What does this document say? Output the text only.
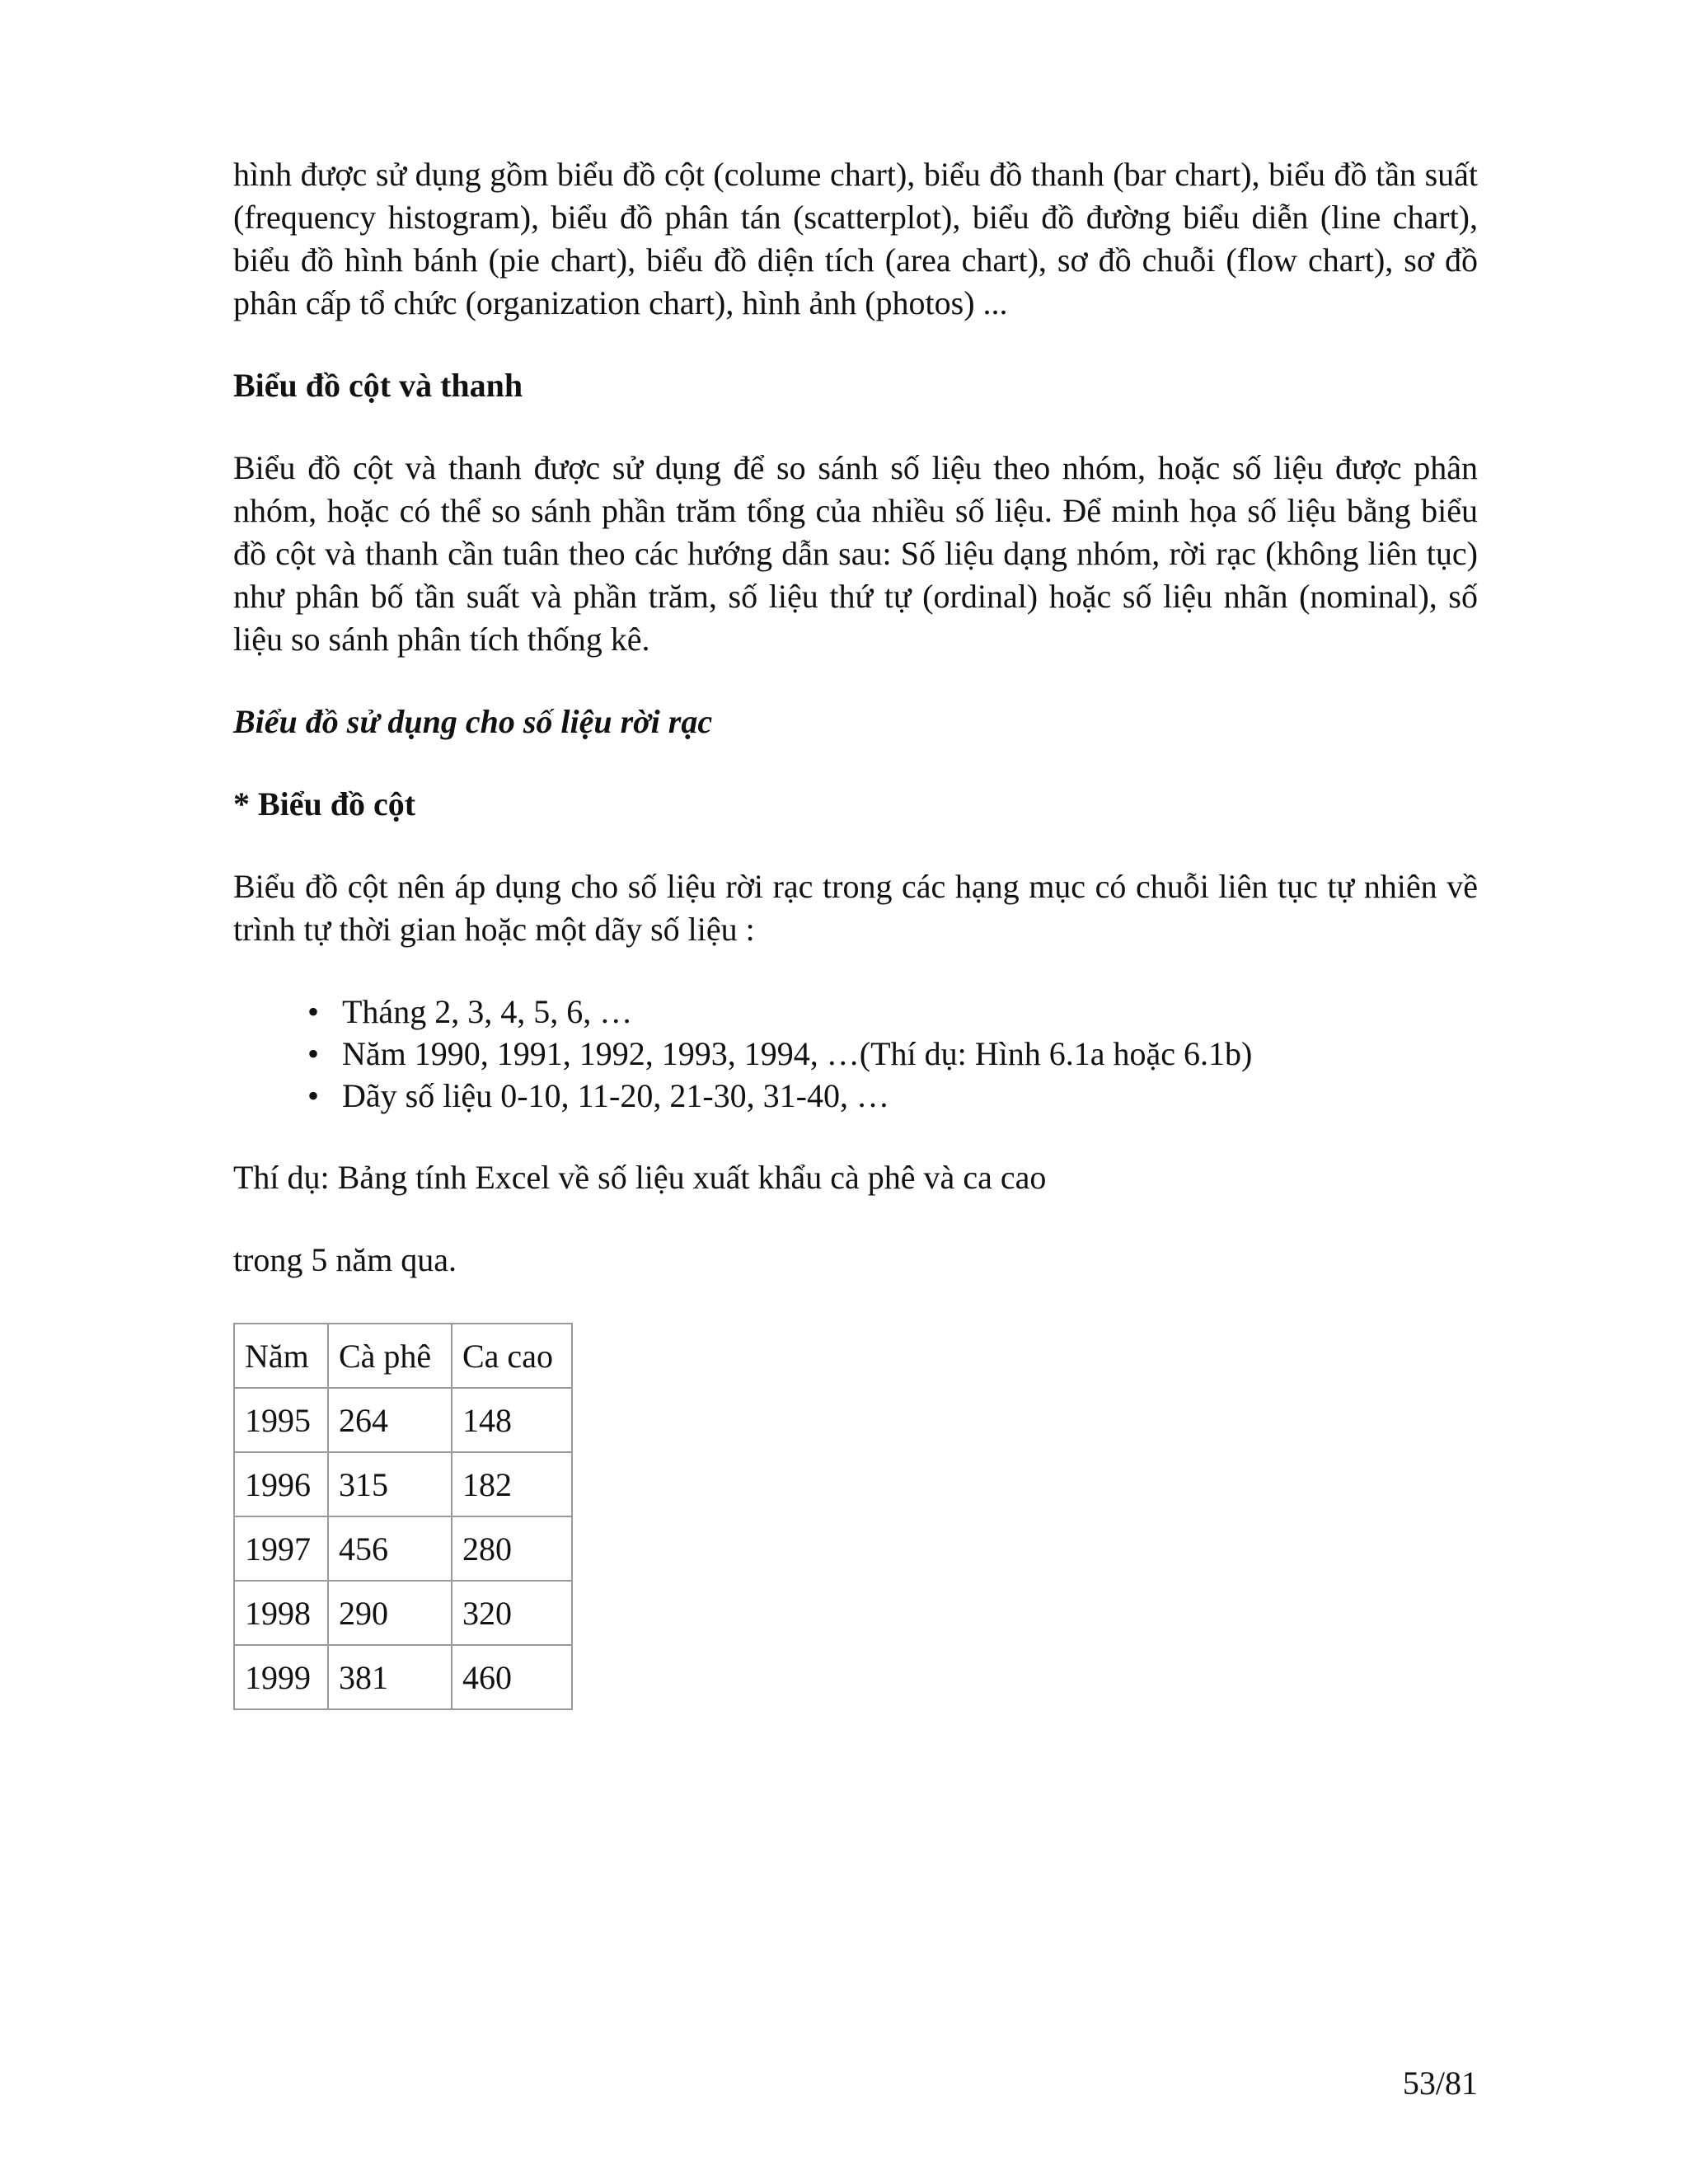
hình được sử dụng gồm biểu đồ cột (colume chart), biểu đồ thanh (bar chart), biểu đồ tần suất (frequency histogram), biểu đồ phân tán (scatterplot), biểu đồ đường biểu diễn (line chart), biểu đồ hình bánh (pie chart), biểu đồ diện tích (area chart), sơ đồ chuỗi (flow chart), sơ đồ phân cấp tổ chức (organization chart), hình ảnh (photos) ...

Biểu đồ cột và thanh

Biểu đồ cột và thanh được sử dụng để so sánh số liệu theo nhóm, hoặc số liệu được phân nhóm, hoặc có thể so sánh phần trăm tổng của nhiều số liệu. Để minh họa số liệu bằng biểu đồ cột và thanh cần tuân theo các hướng dẫn sau: Số liệu dạng nhóm, rời rạc (không liên tục) như phân bố tần suất và phần trăm, số liệu thứ tự (ordinal) hoặc số liệu nhãn (nominal), số liệu so sánh phân tích thống kê.

Biểu đồ sử dụng cho số liệu rời rạc

* Biểu đồ cột

Biểu đồ cột nên áp dụng cho số liệu rời rạc trong các hạng mục có chuỗi liên tục tự nhiên về trình tự thời gian hoặc một dãy số liệu :

• Tháng 2, 3, 4, 5, 6, …
• Năm 1990, 1991, 1992, 1993, 1994, …(Thí dụ: Hình 6.1a hoặc 6.1b)
• Dãy số liệu 0-10, 11-20, 21-30, 31-40, …

Thí dụ: Bảng tính Excel về số liệu xuất khẩu cà phê và ca cao

trong 5 năm qua.

Năm	Cà phê	Ca cao
1995	264	148
1996	315	182
1997	456	280
1998	290	320
1999	381	460
53/81
